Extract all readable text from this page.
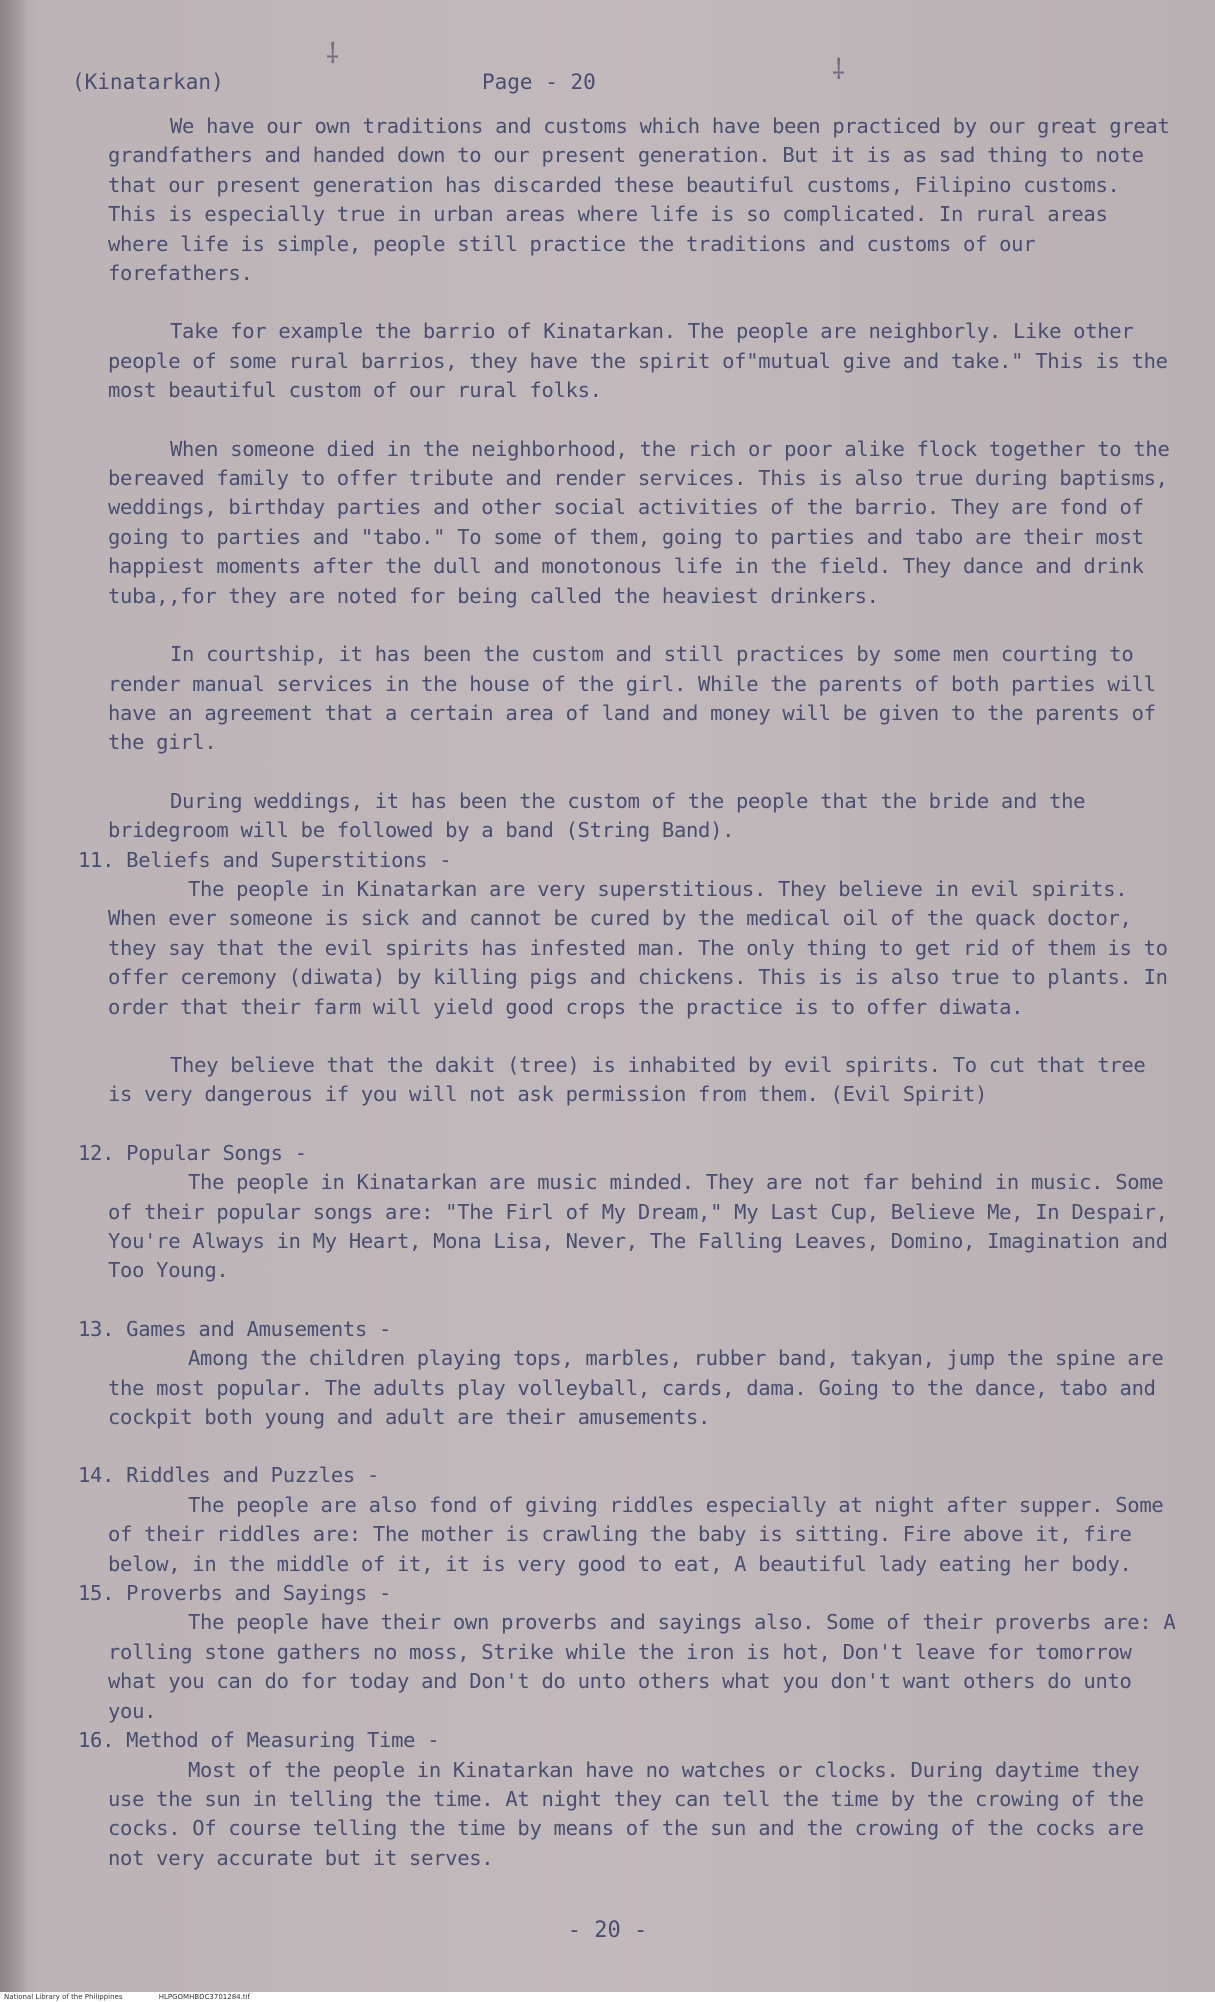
⸸	⸸
(Kinatarkan)	Page - 20

We have our own traditions and customs which have been practiced by our great great grandfathers and handed down to our present generation. But it is as sad thing to note that our present generation has discarded these beautiful customs, Filipino customs. This is especially true in urban areas where life is so complicated. In rural areas where life is simple, people still practice the traditions and customs of our forefathers.

Take for example the barrio of Kinatarkan. The people are neighborly. Like other people of some rural barrios, they have the spirit of"mutual give and take." This is the most beautiful custom of our rural folks.

When someone died in the neighborhood, the rich or poor alike flock together to the bereaved family to offer tribute and render services. This is also true during baptisms, weddings, birthday parties and other social activities of the barrio. They are fond of going to parties and "tabo." To some of them, going to parties and tabo are their most happiest moments after the dull and monotonous life in the field. They dance and drink tuba,,for they are noted for being called the heaviest drinkers.

In courtship, it has been the custom and still practices by some men courting to render manual services in the house of the girl. While the parents of both parties will have an agreement that a certain area of land and money will be given to the parents of the girl.

During weddings, it has been the custom of the people that the bride and the bridegroom will be followed by a band (String Band).

11. Beliefs and Superstitions -

The people in Kinatarkan are very superstitious. They believe in evil spirits. When ever someone is sick and cannot be cured by the medical oil of the quack doctor, they say that the evil spirits has infested man. The only thing to get rid of them is to offer ceremony (diwata) by killing pigs and chickens. This is is also true to plants. In order that their farm will yield good crops the practice is to offer diwata.

They believe that the dakit (tree) is inhabited by evil spirits. To cut that tree is very dangerous if you will not ask permission from them. (Evil Spirit)

12. Popular Songs -

The people in Kinatarkan are music minded. They are not far behind in music. Some of their popular songs are: "The Firl of My Dream," My Last Cup, Believe Me, In Despair, You're Always in My Heart, Mona Lisa, Never, The Falling Leaves, Domino, Imagination and Too Young.

13. Games and Amusements -

Among the children playing tops, marbles, rubber band, takyan, jump the spine are the most popular. The adults play volleyball, cards, dama. Going to the dance, tabo and cockpit both young and adult are their amusements.

14. Riddles and Puzzles -

The people are also fond of giving riddles especially at night after supper. Some of their riddles are: The mother is crawling the baby is sitting. Fire above it, fire below, in the middle of it, it is very good to eat, A beautiful lady eating her body.

15. Proverbs and Sayings -

The people have their own proverbs and sayings also. Some of their proverbs are: A rolling stone gathers no moss, Strike while the iron is hot, Don't leave for tomorrow what you can do for today and Don't do unto others what you don't want others do unto you.

16. Method of Measuring Time -

Most of the people in Kinatarkan have no watches or clocks. During daytime they use the sun in telling the time. At night they can tell the time by the crowing of the cocks. Of course telling the time by means of the sun and the crowing of the cocks are not very accurate but it serves.

- 20 -
National Library of the Philippines	HLPGOMHBDC3701284.tif
